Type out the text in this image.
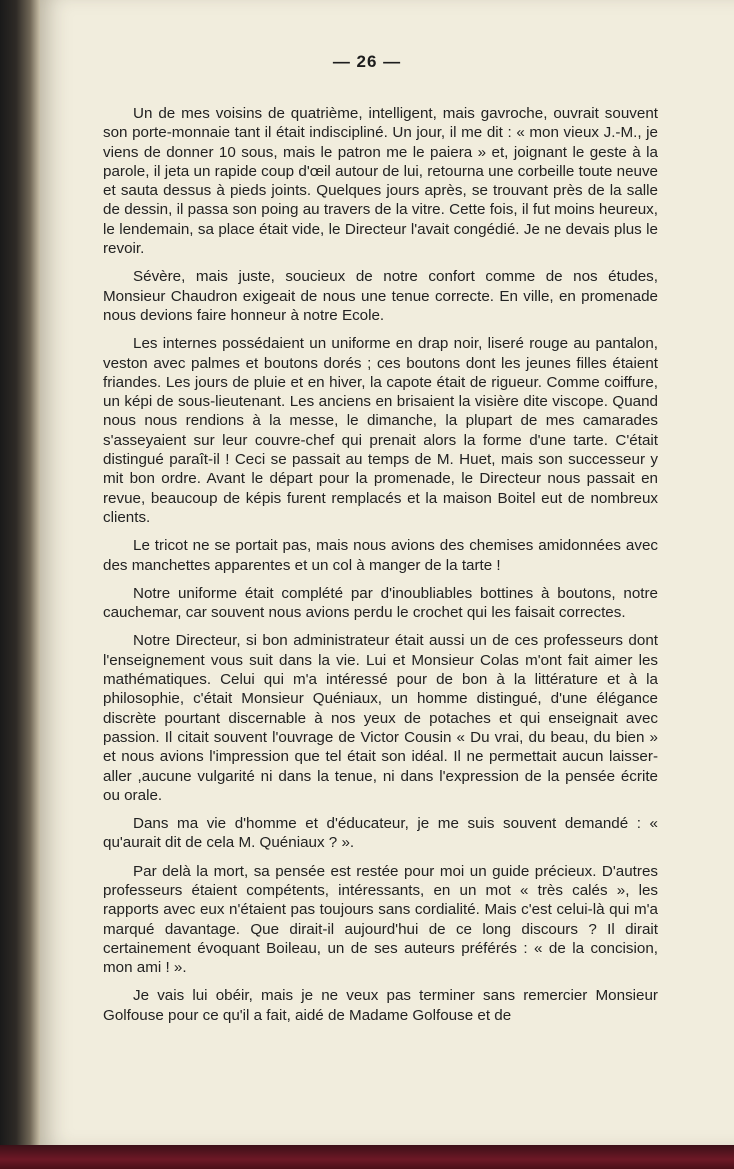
— 26 —

Un de mes voisins de quatrième, intelligent, mais gavroche, ouvrait souvent son porte-monnaie tant il était indiscipliné. Un jour, il me dit : « mon vieux J.-M., je viens de donner 10 sous, mais le patron me le paiera » et, joignant le geste à la parole, il jeta un rapide coup d'œil autour de lui, retourna une corbeille toute neuve et sauta dessus à pieds joints. Quelques jours après, se trouvant près de la salle de dessin, il passa son poing au travers de la vitre. Cette fois, il fut moins heureux, le lendemain, sa place était vide, le Directeur l'avait congédié. Je ne devais plus le revoir.

Sévère, mais juste, soucieux de notre confort comme de nos études, Monsieur Chaudron exigeait de nous une tenue correcte. En ville, en promenade nous devions faire honneur à notre Ecole.

Les internes possédaient un uniforme en drap noir, liseré rouge au pantalon, veston avec palmes et boutons dorés ; ces boutons dont les jeunes filles étaient friandes. Les jours de pluie et en hiver, la capote était de rigueur. Comme coiffure, un képi de sous-lieutenant. Les anciens en brisaient la visière dite viscope. Quand nous nous rendions à la messe, le dimanche, la plupart de mes camarades s'asseyaient sur leur couvre-chef qui prenait alors la forme d'une tarte. C'était distingué paraît-il ! Ceci se passait au temps de M. Huet, mais son successeur y mit bon ordre. Avant le départ pour la promenade, le Directeur nous passait en revue, beaucoup de képis furent remplacés et la maison Boitel eut de nombreux clients.

Le tricot ne se portait pas, mais nous avions des chemises amidonnées avec des manchettes apparentes et un col à manger de la tarte !

Notre uniforme était complété par d'inoubliables bottines à boutons, notre cauchemar, car souvent nous avions perdu le crochet qui les faisait correctes.

Notre Directeur, si bon administrateur était aussi un de ces professeurs dont l'enseignement vous suit dans la vie. Lui et Monsieur Colas m'ont fait aimer les mathématiques. Celui qui m'a intéressé pour de bon à la littérature et à la philosophie, c'était Monsieur Quéniaux, un homme distingué, d'une élégance discrète pourtant discernable à nos yeux de potaches et qui enseignait avec passion. Il citait souvent l'ouvrage de Victor Cousin « Du vrai, du beau, du bien » et nous avions l'impression que tel était son idéal. Il ne permettait aucun laisser-aller ,aucune vulgarité ni dans la tenue, ni dans l'expression de la pensée écrite ou orale.

Dans ma vie d'homme et d'éducateur, je me suis souvent demandé : « qu'aurait dit de cela M. Quéniaux ? ».

Par delà la mort, sa pensée est restée pour moi un guide précieux. D'autres professeurs étaient compétents, intéressants, en un mot « très calés », les rapports avec eux n'étaient pas toujours sans cordialité. Mais c'est celui-là qui m'a marqué davantage. Que dirait-il aujourd'hui de ce long discours ? Il dirait certainement évoquant Boileau, un de ses auteurs préférés : « de la concision, mon ami ! ».

Je vais lui obéir, mais je ne veux pas terminer sans remercier Monsieur Golfouse pour ce qu'il a fait, aidé de Madame Golfouse et de
